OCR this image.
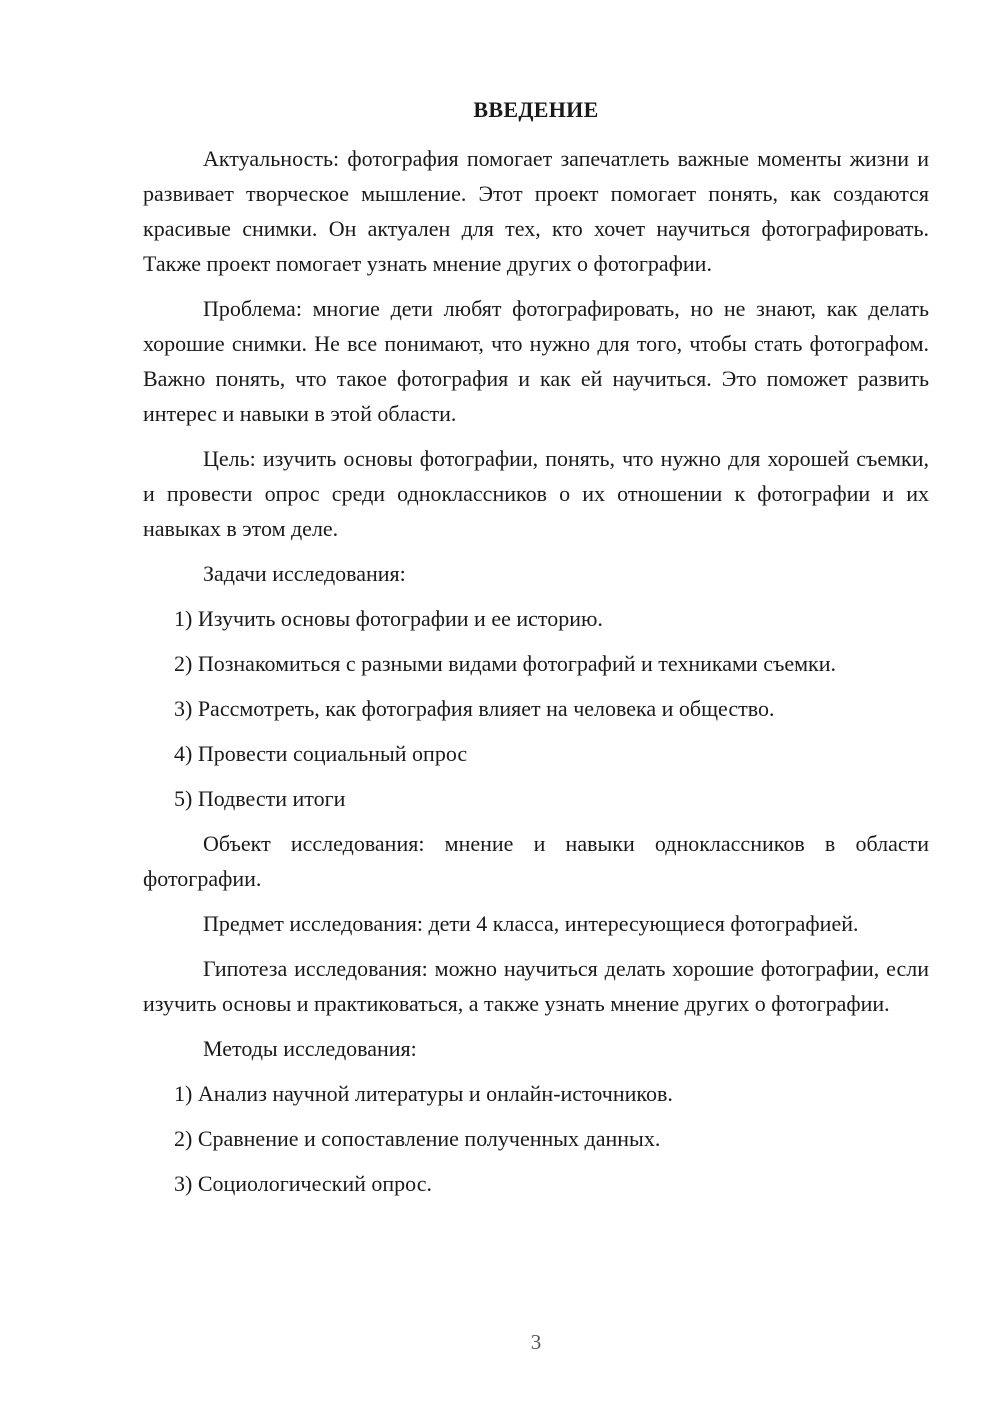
ВВЕДЕНИЕ

Актуальность: фотография помогает запечатлеть важные моменты жизни и развивает творческое мышление. Этот проект помогает понять, как создаются красивые снимки. Он актуален для тех, кто хочет научиться фотографировать. Также проект помогает узнать мнение других о фотографии.

Проблема: многие дети любят фотографировать, но не знают, как делать хорошие снимки. Не все понимают, что нужно для того, чтобы стать фотографом. Важно понять, что такое фотография и как ей научиться. Это поможет развить интерес и навыки в этой области.

Цель: изучить основы фотографии, понять, что нужно для хорошей съемки, и провести опрос среди одноклассников о их отношении к фотографии и их навыках в этом деле.

Задачи исследования:
1) Изучить основы фотографии и ее историю.
2) Познакомиться с разными видами фотографий и техниками съемки.
3) Рассмотреть, как фотография влияет на человека и общество.
4) Провести социальный опрос
5) Подвести итоги

Объект исследования: мнение и навыки одноклассников в области фотографии.

Предмет исследования: дети 4 класса, интересующиеся фотографией.

Гипотеза исследования: можно научиться делать хорошие фотографии, если изучить основы и практиковаться, а также узнать мнение других о фотографии.

Методы исследования:
1) Анализ научной литературы и онлайн-источников.
2) Сравнение и сопоставление полученных данных.
3) Социологический опрос.
3
